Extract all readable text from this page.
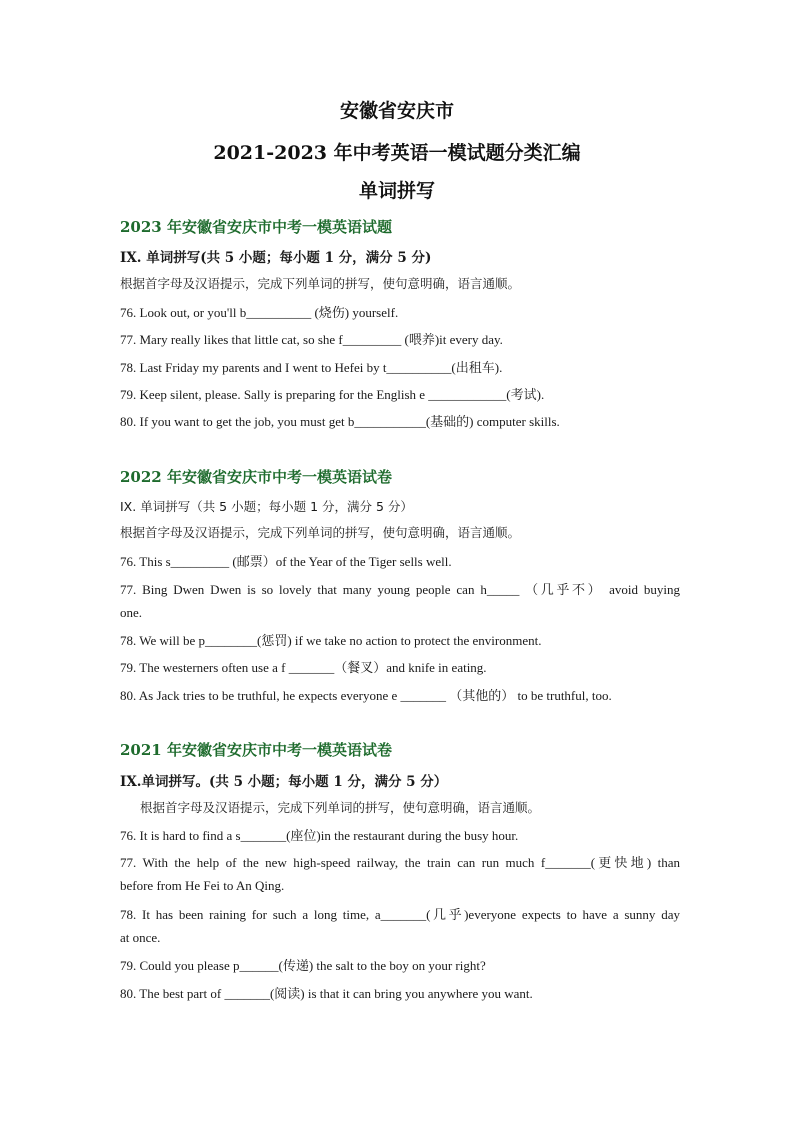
安徽省安庆市
2021-2023 年中考英语一模试题分类汇编
单词拼写
2023 年安徽省安庆市中考一模英语试题
IX. 单词拼写(共 5 小题；每小题 1 分，满分 5 分)
根据首字母及汉语提示，完成下列单词的拼写，使句意明确，语言通顺。
76. Look out, or you'll b__________ (烧伤) yourself.
77. Mary really likes that little cat, so she f_________ (喂养)it every day.
78. Last Friday my parents and I went to Hefei by t__________(出租车).
79. Keep silent, please. Sally is preparing for the English e ____________(考试).
80. If you want to get the job, you must get b___________(基础的) computer skills.
2022 年安徽省安庆市中考一模英语试卷
IX. 单词拼写（共 5 小题；每小题 1 分，满分 5 分）
根据首字母及汉语提示，完成下列单词的拼写，使句意明确，语言通顺。
76. This s_________ (邮票）of the Year of the Tiger sells well.
77. Bing Dwen Dwen is so lovely that many young people can h_____ （几乎不） avoid buying
one.
78. We will be p________(惩罚) if we take no action to protect the environment.
79. The westerners often use a f _______（餐叉）and knife in eating.
80. As Jack tries to be truthful, he expects everyone e _______ （其他的） to be truthful, too.
2021 年安徽省安庆市中考一模英语试卷
IX.单词拼写。(共 5 小题；每小题 1 分，满分 5 分）
根据首字母及汉语提示，完成下列单词的拼写，使句意明确，语言通顺。
76. It is hard to find a s_______(座位)in the restaurant during the busy hour.
77. With the help of the new high-speed railway, the train can run much f_______(更快地) than
before from He Fei to An Qing.
78. It has been raining for such a long time, a_______(几乎)everyone expects to have a sunny day
at once.
79. Could you please p______(传递) the salt to the boy on your right?
80. The best part of _______(阅读) is that it can bring you anywhere you want.
